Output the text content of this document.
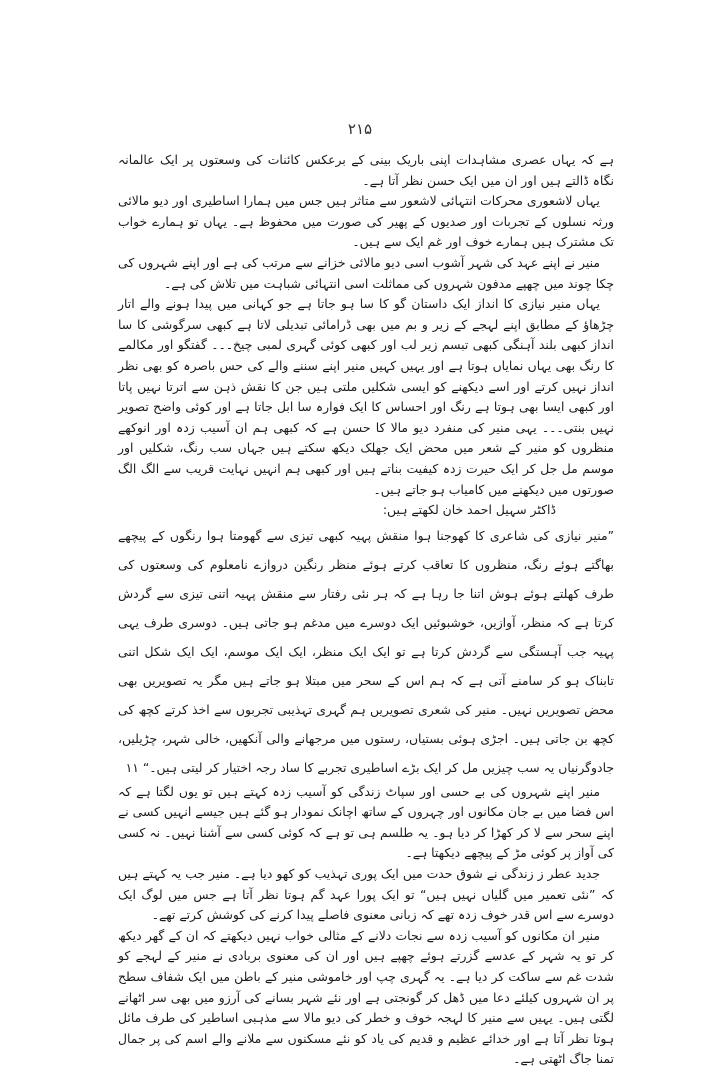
۲۱۵

ہے کہ یہاں عصری مشاہدات اپنی باریک بینی کے برعکس کائنات کی وسعتوں پر ایک عالمانہ نگاہ ڈالتے ہیں اور ان میں ایک حسن نظر آتا ہے۔

یہاں لاشعوری محرکات انتہائی لاشعور سے متاثر ہیں جس میں ہمارا اساطیری اور دیو مالائی ورثہ نسلوں کے تجربات اور صدیوں کے پھیر کی صورت میں محفوظ ہے۔ یہاں تو ہمارے خواب تک مشترک ہیں ہمارے خوف اور غم ایک سے ہیں۔

منیر نے اپنے عہد کی شہر آشوب اسی دیو مالائی خزانے سے مرتب کی ہے اور اپنے شہروں کی چکا چوند میں چھپے مدفون شہروں کی مماثلت اسی انتہائی شباہت میں تلاش کی ہے۔

یہاں منیر نیازی کا انداز ایک داستان گو کا سا ہو جاتا ہے جو کہانی میں پیدا ہونے والے اتار چڑھاؤ کے مطابق اپنے لہجے کے زیر و بم میں بھی ڈرامائی تبدیلی لاتا ہے کبھی سرگوشی کا سا انداز کبھی بلند آہنگی کبھی تبسم زیر لب اور کبھی کوئی گہری لمبی چیخ۔۔۔ گفتگو اور مکالمے کا رنگ بھی یہاں نمایاں ہوتا ہے اور یہیں کہیں منیر اپنے سننے والے کی حس باصرہ کو بھی نظر انداز نہیں کرتے اور اسے دیکھنے کو ایسی شکلیں ملتی ہیں جن کا نقش ذہن سے اترتا نہیں پاتا اور کبھی ایسا بھی ہوتا ہے رنگ اور احساس کا ایک فوارہ سا ابل جاتا ہے اور کوئی واضح تصویر نہیں بنتی۔۔۔ یہی منیر کی منفرد دیو مالا کا حسن ہے کہ کبھی ہم ان آسیب زدہ اور انوکھے منظروں کو منیر کے شعر میں محض ایک جھلک دیکھ سکتے ہیں جہاں سب رنگ، شکلیں اور موسم مل جل کر ایک حیرت زدہ کیفیت بناتے ہیں اور کبھی ہم انہیں نہایت قریب سے الگ الگ صورتوں میں دیکھنے میں کامیاب ہو جاتے ہیں۔

ڈاکٹر سہیل احمد خان لکھتے ہیں:

”منیر نیازی کی شاعری کا کھوجنا ہوا منقش پہیہ کبھی تیزی سے گھومتا ہوا رنگوں کے پیچھے بھاگتے ہوئے رنگ، منظروں کا تعاقب کرتے ہوئے منظر رنگین دروازے نامعلوم کی وسعتوں کی طرف کھلتے ہوئے ہوش اتنا جا رہا ہے کہ ہر نئی رفتار سے منقش پہیہ اتنی تیزی سے گردش کرتا ہے کہ منظر، آوازیں، خوشبوئیں ایک دوسرے میں مدغم ہو جاتی ہیں۔ دوسری طرف یہی پہیہ جب آہستگی سے گردش کرتا ہے تو ایک ایک منظر، ایک ایک موسم، ایک ایک شکل اتنی تابناک ہو کر سامنے آتی ہے کہ ہم اس کے سحر میں مبتلا ہو جاتے ہیں مگر یہ تصویریں بھی محض تصویریں نہیں۔ منیر کی شعری تصویریں ہم گہری تہذیبی تجربوں سے اخذ کرتے کچھ کی کچھ بن جاتی ہیں۔ اجڑی ہوئی بستیاں، رستوں میں مرجھانے والی آنکھیں، خالی شہر، چڑیلیں، جادوگرنیاں یہ سب چیزیں مل کر ایک بڑے اساطیری تجربے کا ساد رجہ اختیار کر لیتی ہیں۔“ ۱۱

منیر اپنے شہروں کی بے حسی اور سپاٹ زندگی کو آسیب زدہ کہتے ہیں تو یوں لگتا ہے کہ اس فضا میں بے جان مکانوں اور چہروں کے ساتھ اچانک نمودار ہو گئے ہیں جیسے انہیں کسی نے اپنے سحر سے لا کر کھڑا کر دیا ہو۔ یہ طلسم ہی تو ہے کہ کوئی کسی سے آشنا نہیں۔ نہ کسی کی آواز پر کوئی مڑ کے پیچھے دیکھتا ہے۔

جدید عطر ز زندگی نے شوق حدت میں ایک پوری تہذیب کو کھو دیا ہے۔ منیر جب یہ کہتے ہیں کہ ”نئی تعمیر میں گلیاں نہیں ہیں“ تو ایک پورا عہد گم ہوتا نظر آتا ہے جس میں لوگ ایک دوسرے سے اس قدر خوف زدہ تھے کہ زبانی معنوی فاصلے پیدا کرنے کی کوشش کرتے تھے۔

منیر ان مکانوں کو آسیب زدہ سے نجات دلانے کے مثالی خواب نہیں دیکھتے کہ ان کے گھر دیکھ کر تو یہ شہر کے عدسے گزرتے ہوئے چھپے ہیں اور ان کی معنوی بربادی نے منیر کے لہجے کو شدت غم سے ساکت کر دیا ہے۔ یہ گہری چپ اور خاموشی منیر کے باطن میں ایک شفاف سطح پر ان شہروں کیلئے دعا میں ڈھل کر گونجتی ہے اور نئے شہر بسانے کی آرزو میں بھی سر اٹھانے لگتی ہیں۔ یہیں سے منیر کا لہجہ خوف و خطر کی دیو مالا سے مذہبی اساطیر کی طرف مائل ہوتا نظر آتا ہے اور خدائے عظیم و قدیم کی یاد کو نئے مسکنوں سے ملانے والے اسم کی پر جمال تمنا جاگ اٹھتی ہے۔
